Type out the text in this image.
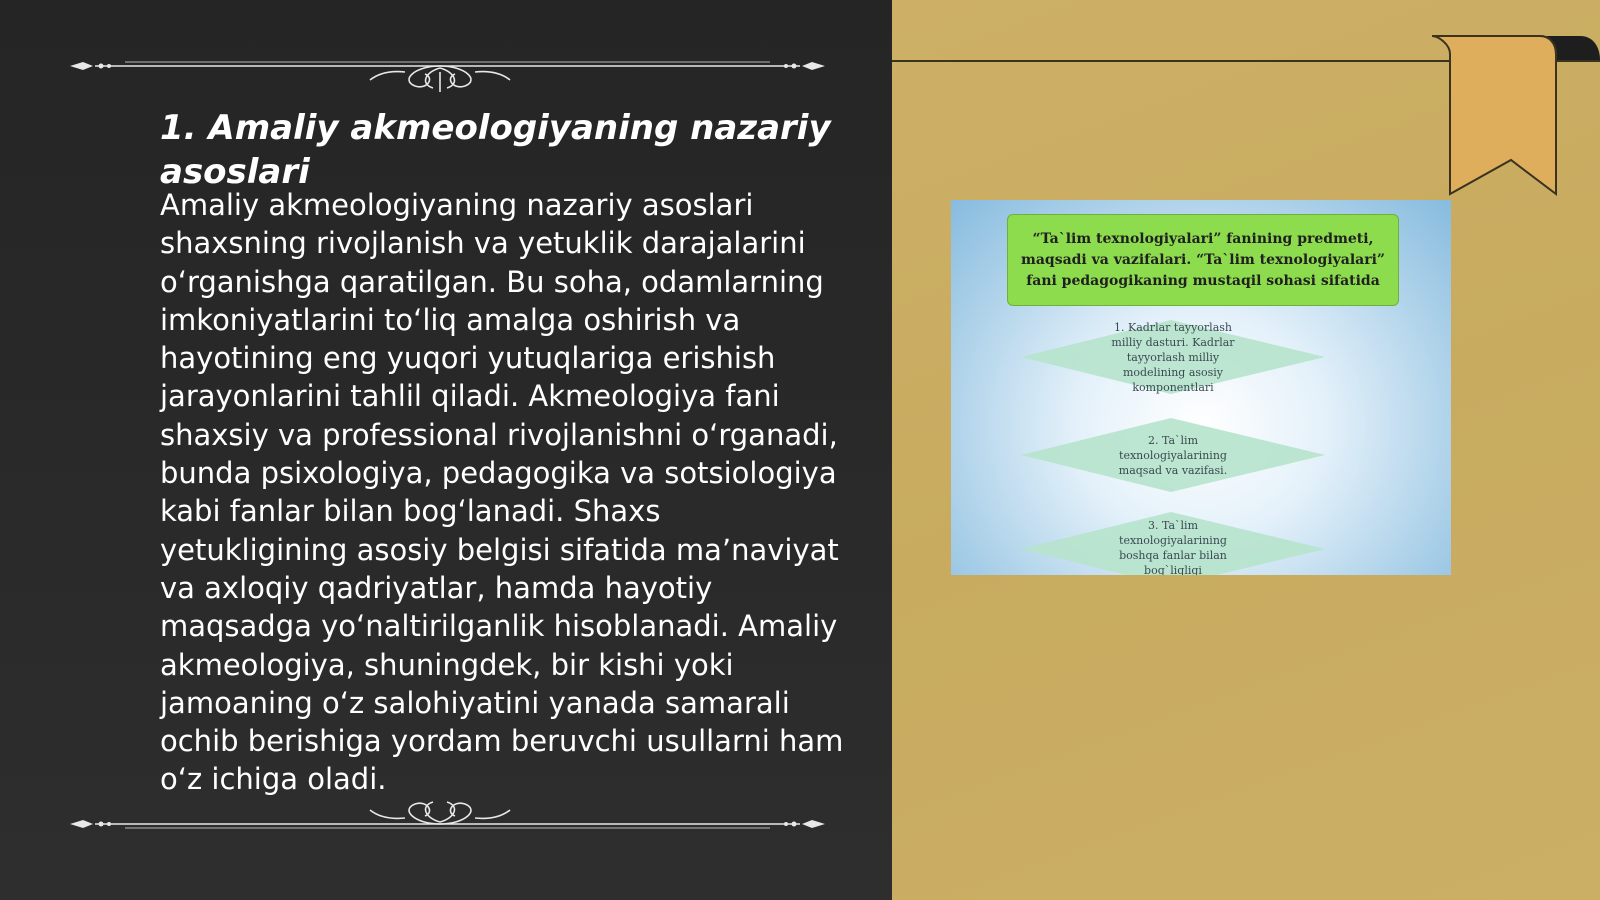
1. Amaliy akmeologiyaning nazariy asoslari

Amaliy akmeologiyaning nazariy asoslari shaxsning rivojlanish va yetuklik darajalarini o‘rganishga qaratilgan. Bu soha, odamlarning imkoniyatlarini to‘liq amalga oshirish va hayotining eng yuqori yutuqlariga erishish jarayonlarini tahlil qiladi. Akmeologiya fani shaxsiy va professional rivojlanishni o‘rganadi, bunda psixologiya, pedagogika va sotsiologiya kabi fanlar bilan bog‘lanadi. Shaxs yetukligining asosiy belgisi sifatida ma’naviyat va axloqiy qadriyatlar, hamda hayotiy maqsadga yo‘naltirilganlik hisoblanadi. Amaliy akmeologiya, shuningdek, bir kishi yoki jamoaning o‘z salohiyatini yanada samarali ochib berishiga yordam beruvchi usullarni ham o‘z ichiga oladi.

“Ta`lim texnologiyalari” fanining predmeti, maqsadi va vazifalari. “Ta`lim texnologiyalari” fani pedagogikaning mustaqil sohasi sifatida
1. Kadrlar tayyorlash milliy dasturi. Kadrlar tayyorlash milliy modelining asosiy komponentlari
2. Ta`lim texnologiyalarining maqsad va vazifasi.
3. Ta`lim texnologiyalarining boshqa fanlar bilan bog`liqligi
